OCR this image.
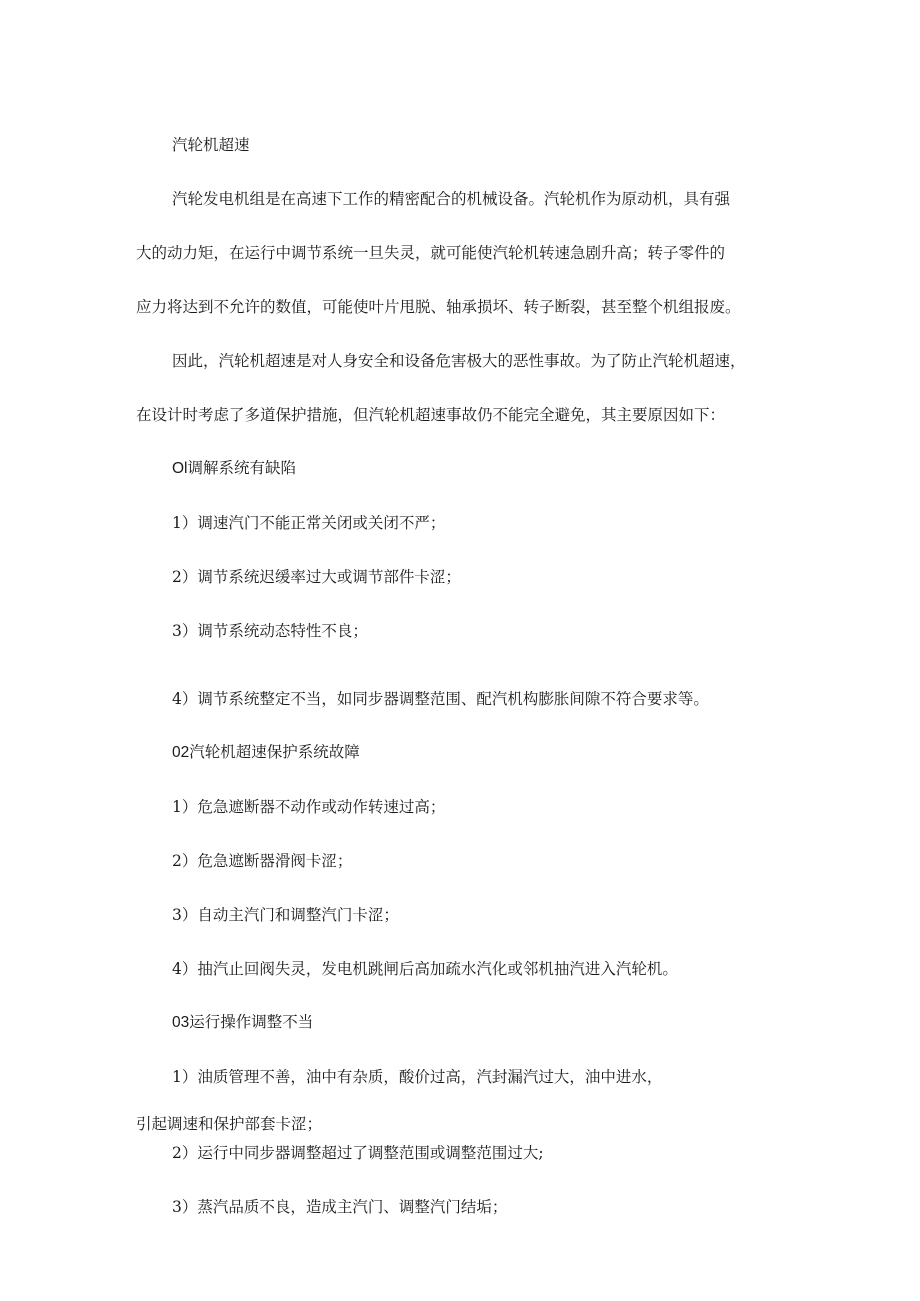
汽轮机超速

汽轮发电机组是在高速下工作的精密配合的机械设备。汽轮机作为原动机，具有强

大的动力矩，在运行中调节系统一旦失灵，就可能使汽轮机转速急剧升高；转子零件的

应力将达到不允许的数值，可能使叶片甩脱、轴承损坏、转子断裂，甚至整个机组报废。

因此，汽轮机超速是对人身安全和设备危害极大的恶性事故。为了防止汽轮机超速，

在设计时考虑了多道保护措施，但汽轮机超速事故仍不能完全避免，其主要原因如下：

Ol调解系统有缺陷

1）调速汽门不能正常关闭或关闭不严；

2）调节系统迟缓率过大或调节部件卡涩；

3）调节系统动态特性不良；

4）调节系统整定不当，如同步器调整范围、配汽机构膨胀间隙不符合要求等。

02汽轮机超速保护系统故障

1）危急遮断器不动作或动作转速过高；

2）危急遮断器滑阀卡涩；

3）自动主汽门和调整汽门卡涩；

4）抽汽止回阀失灵，发电机跳闸后高加疏水汽化或邻机抽汽进入汽轮机。

03运行操作调整不当

1）油质管理不善，油中有杂质，酸价过高，汽封漏汽过大，油中进水，

引起调速和保护部套卡涩；

2）运行中同步器调整超过了调整范围或调整范围过大;

3）蒸汽品质不良，造成主汽门、调整汽门结垢；
